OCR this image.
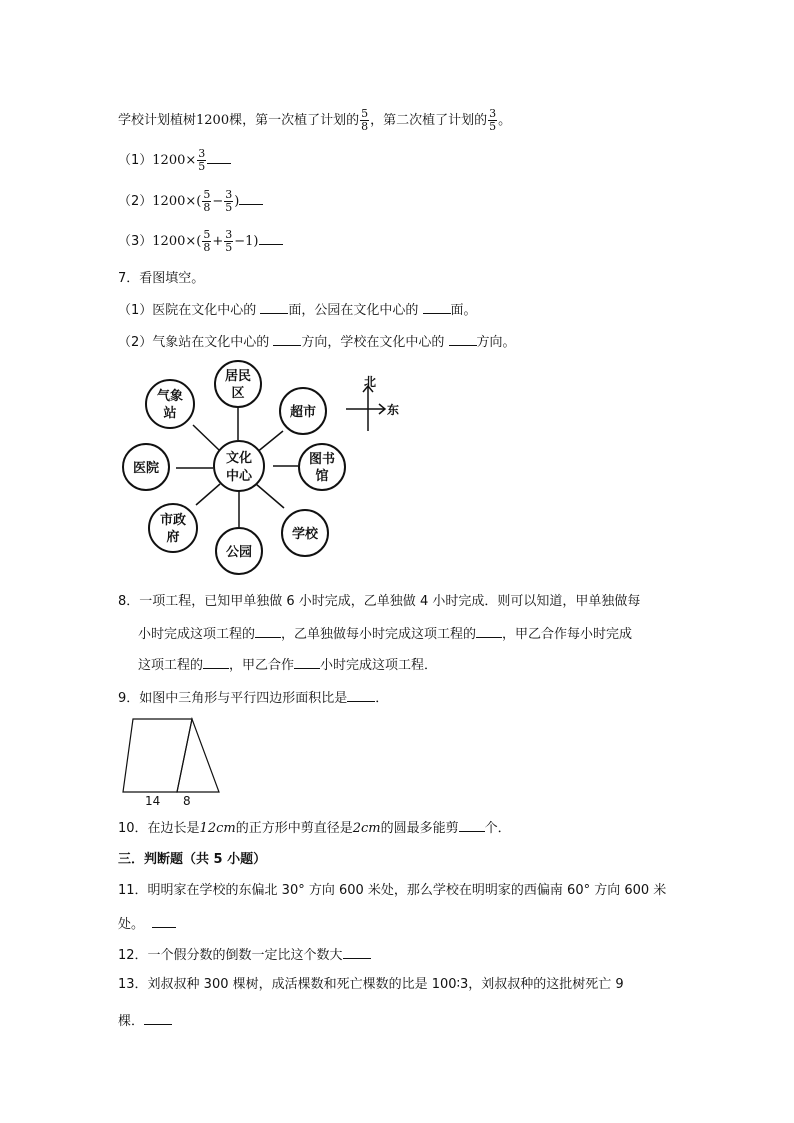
学校计划植树1200棵，第一次植了计划的 $\frac{5}{8}$ ，第二次植了计划的 $\frac{3}{5}$ 。
$(1)1200\times \frac{3}{5}$
$(2)1200\times( \frac{5}{8} - \frac{3}{5}$ )
$(3)1200\times( \frac{5}{8} + \frac{3}{5} -1)$
7．看图填空。
（1）医院在文化中心的 面，公园在文化中心的 面。
（2）气象站在文化中心的 方向，学校在文化中心的 方向。
文化
中心
居民
区
超市
图书
馆
学校
公园
市政
府
医院
气象
站
北
东
8．一项工程，已知甲单独做 6 小时完成，乙单独做 4 小时完成．则可以知道，甲单独做每
小时完成这项工程的 ，乙单独做每小时完成这项工程的 ，甲乙合作每小时完成
这项工程的 ，甲乙合作 小时完成这项工程．
9．如图中三角形与平行四边形面积比是 ．
14 8
10．在边长是12cm的正方形中剪直径是2cm的圆最多能剪 个．
三．判断题（共 5 小题）
11．明明家在学校的东偏北 30° 方向 600 米处，那么学校在明明家的西偏南 60° 方向 600 米
处。
12．一个假分数的倒数一定比这个数大
13．刘叔叔种 300 棵树，成活棵数和死亡棵数的比是 100∶3，刘叔叔种的这批树死亡 9
棵．
